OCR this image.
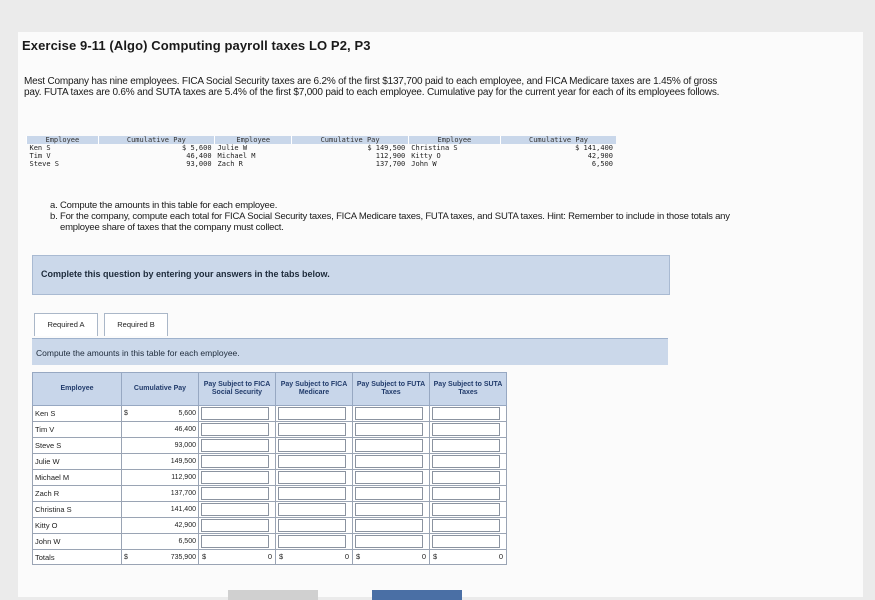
Exercise 9-11 (Algo) Computing payroll taxes LO P2, P3
Mest Company has nine employees. FICA Social Security taxes are 6.2% of the first $137,700 paid to each employee, and FICA Medicare taxes are 1.45% of gross pay. FUTA taxes are 0.6% and SUTA taxes are 5.4% of the first $7,000 paid to each employee. Cumulative pay for the current year for each of its employees follows.
Employee	Cumulative Pay	Employee	Cumulative Pay	Employee	Cumulative Pay
Ken S	$ 5,600	Julie W	$ 149,500	Christina S	$ 141,400
Tim V	46,400	Michael M	112,900	Kitty O	42,900
Steve S	93,000	Zach R	137,700	John W	6,500
a. Compute the amounts in this table for each employee.
b. For the company, compute each total for FICA Social Security taxes, FICA Medicare taxes, FUTA taxes, and SUTA taxes. Hint: Remember to include in those totals any employee share of taxes that the company must collect.
Complete this question by entering your answers in the tabs below.
Required A	Required B
Compute the amounts in this table for each employee.
Employee	Cumulative Pay		Pay Subject to FICA Social Security	Pay Subject to FICA Medicare	Pay Subject to FUTA Taxes	Pay Subject to SUTA Taxes
Ken S	$	5,600				
Tim V		46,400				
Steve S		93,000				
Julie W		149,500				
Michael M		112,900				
Zach R		137,700				
Christina S		141,400				
Kitty O		42,900				
John W		6,500				
Totals	$	735,900	$ 0	$ 0	$ 0	$ 0
